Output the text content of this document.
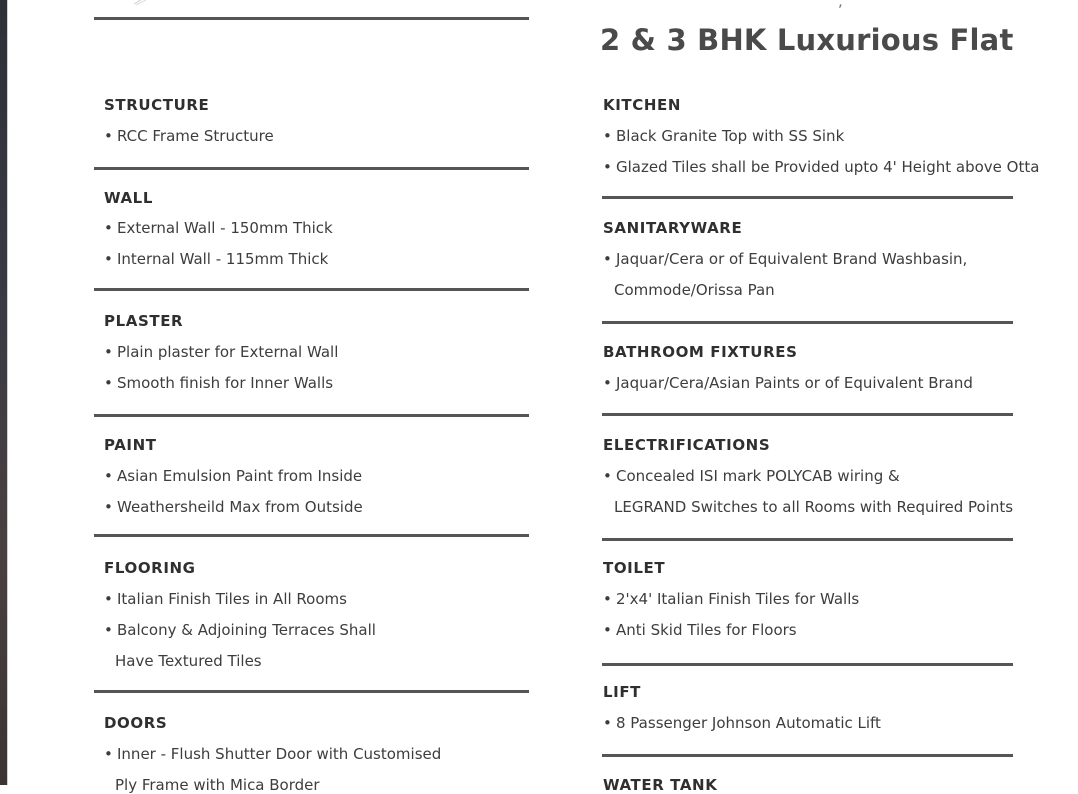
,
STRUCTURE
• RCC Frame Structure
WALL
• External Wall - 150mm Thick
• Internal Wall - 115mm Thick
PLASTER
• Plain plaster for External Wall
• Smooth finish for Inner Walls
PAINT
• Asian Emulsion Paint from Inside
• Weathersheild Max from Outside
FLOORING
• Italian Finish Tiles in All Rooms
• Balcony & Adjoining Terraces Shall
Have Textured Tiles
DOORS
• Inner - Flush Shutter Door with Customised
Ply Frame with Mica Border
2 & 3 BHK Luxurious Flat
KITCHEN
• Black Granite Top with SS Sink
• Glazed Tiles shall be Provided upto 4' Height above Otta
SANITARYWARE
• Jaquar/Cera or of Equivalent Brand Washbasin,
Commode/Orissa Pan
BATHROOM FIXTURES
• Jaquar/Cera/Asian Paints or of Equivalent Brand
ELECTRIFICATIONS
• Concealed ISI mark POLYCAB wiring &
LEGRAND Switches to all Rooms with Required Points
TOILET
• 2'x4' Italian Finish Tiles for Walls
• Anti Skid Tiles for Floors
LIFT
• 8 Passenger Johnson Automatic Lift
WATER TANK
